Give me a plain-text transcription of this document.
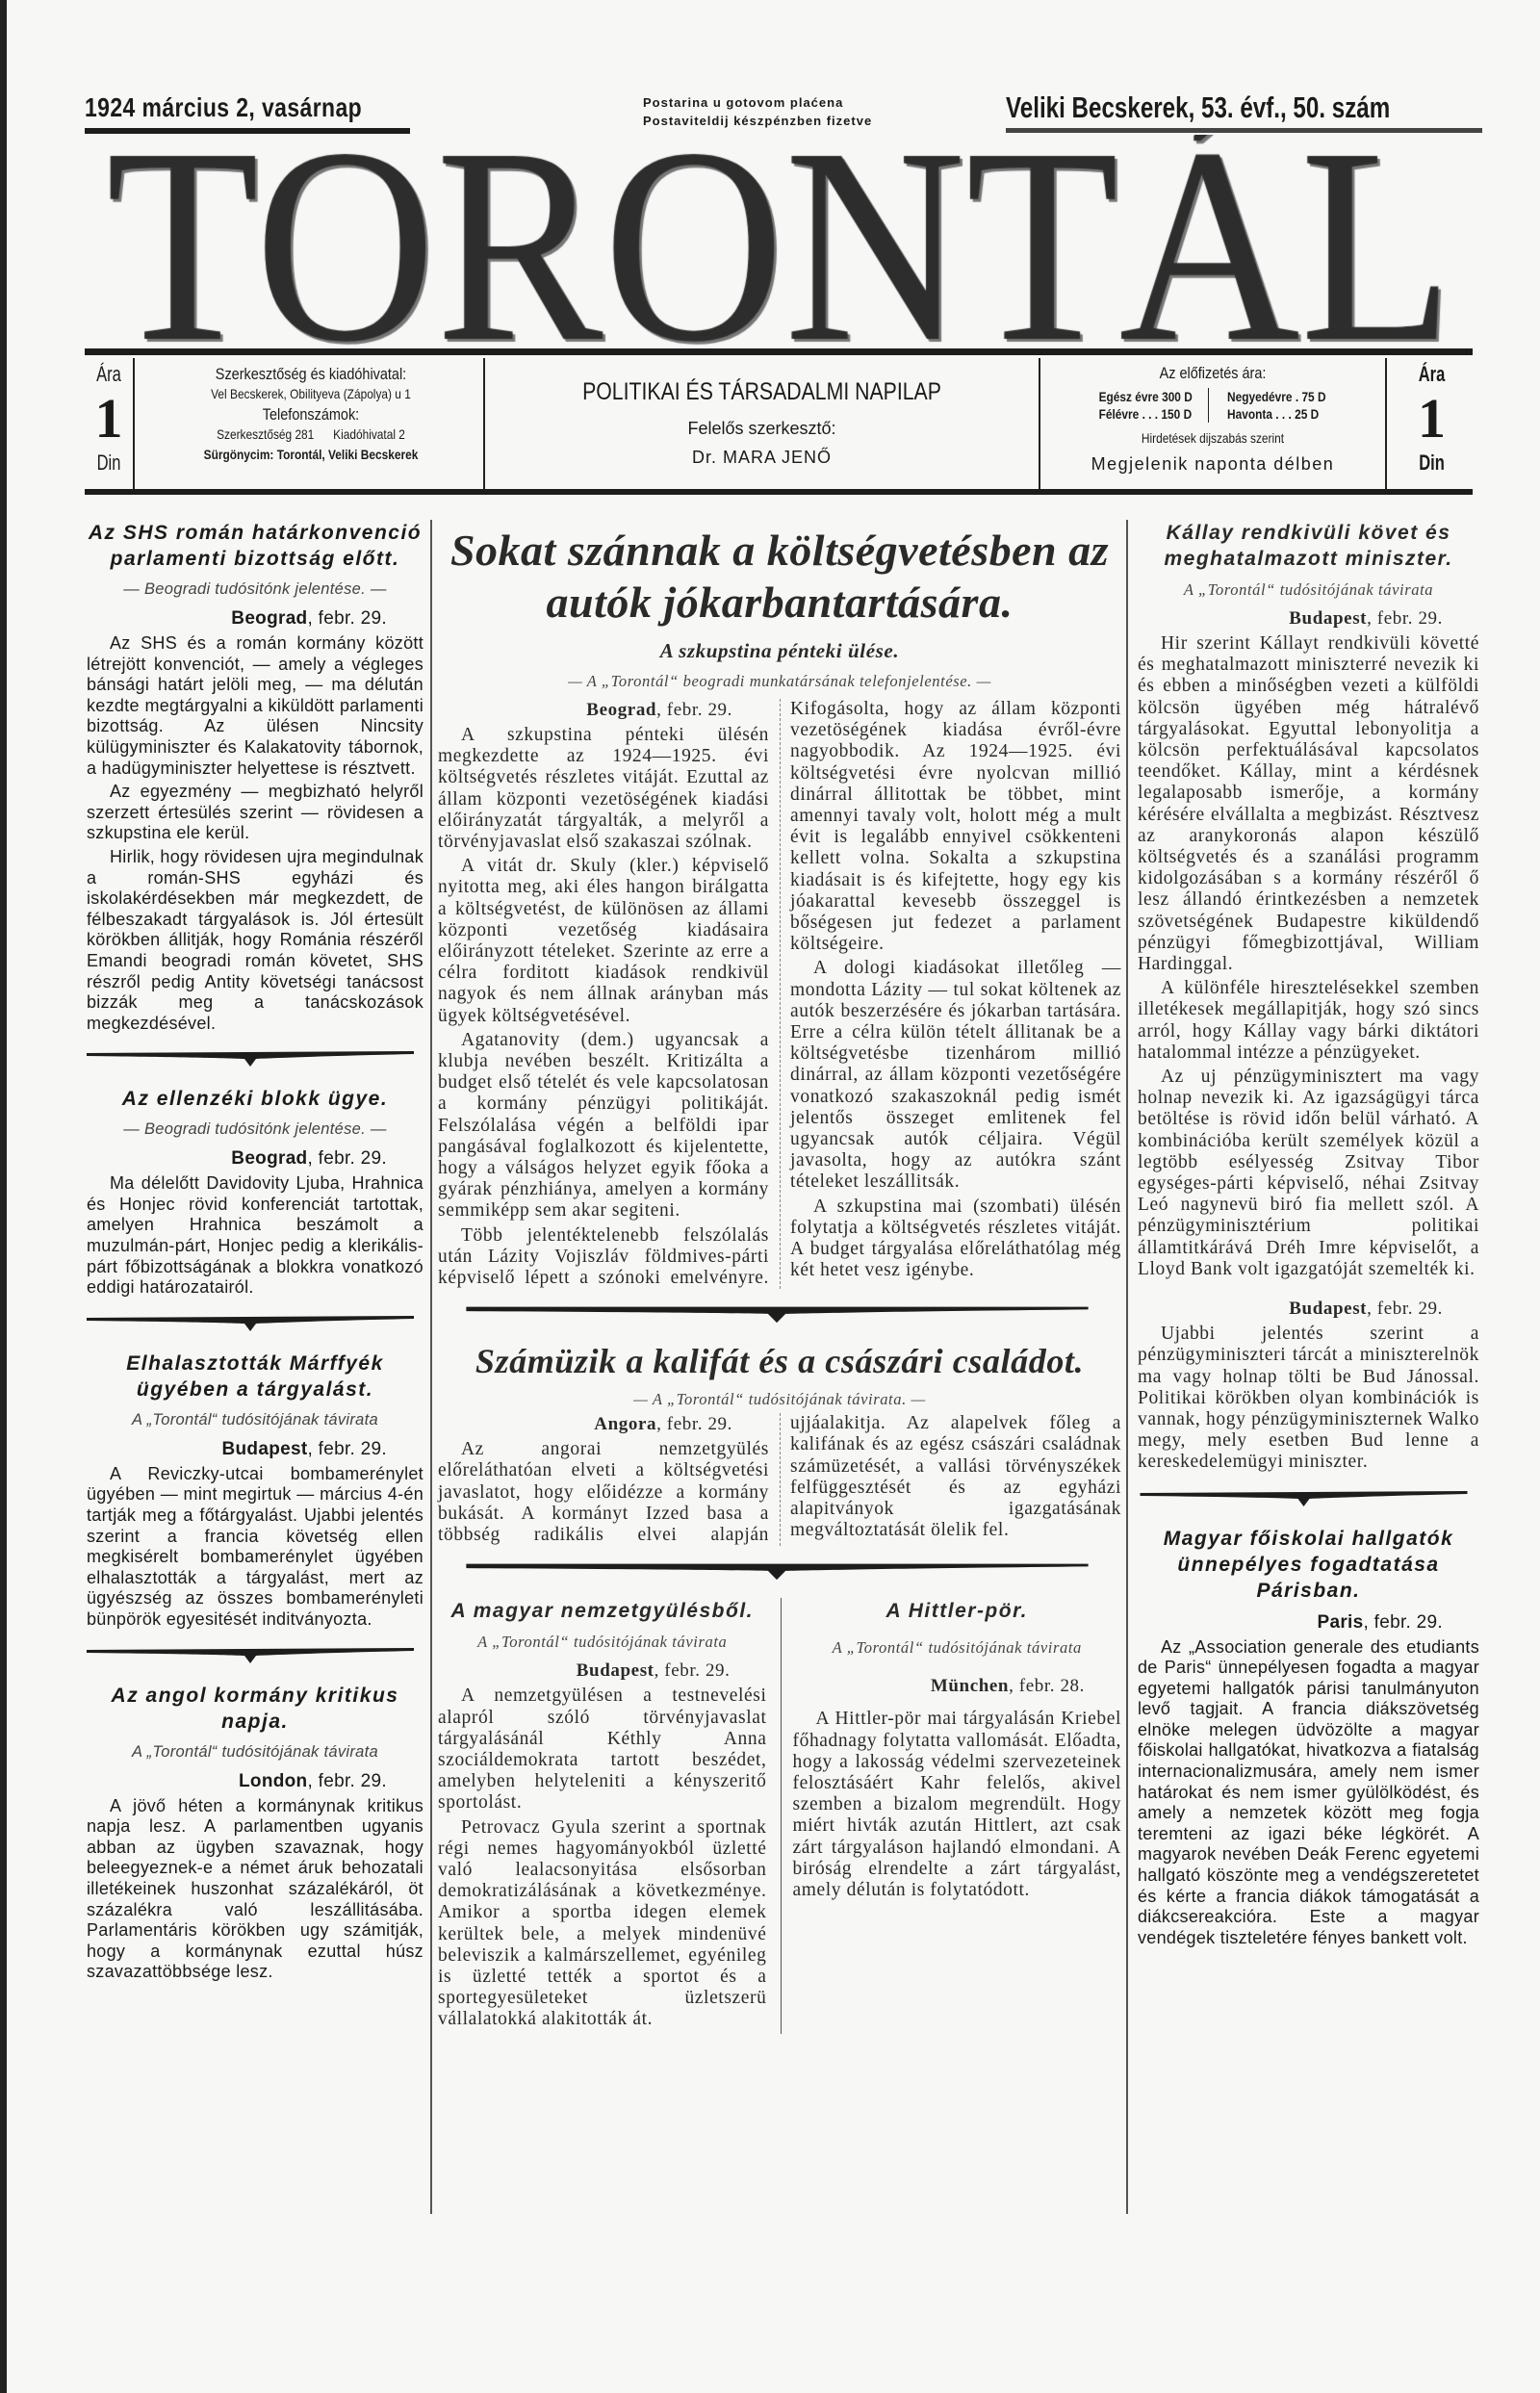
1924 március 2, vasárnap	Postarina u gotovom plaćena
Postaviteldij készpénzben fizetve	Veliki Becskerek, 53. évf., 50. szám
Ára
1
Din
Szerkesztőség és kiadóhivatal:
Vel Becskerek, Obilityeva (Zápolya) u 1
Telefonszámok:
Szerkesztőség 281 Kiadóhivatal 2
Sürgönycim: Torontál, Veliki Becskerek
POLITIKAI ÉS TÁRSADALMI NAPILAP
Felelős szerkesztő:
Dr. MARA JENŐ
Az előfizetés ára:
Egész évre 300 D
Félévre . . . 150 D
Negyedévre . 75 D
Havonta . . . 25 D
Hirdetések dijszabás szerint
Megjelenik naponta délben
Ára
1
Din
Az SHS román határkonvenció parlamenti bizottság előtt.
— Beogradi tudósitónk jelentése. —
Beograd, febr. 29.

Az SHS és a román kormány között létrejött konvenciót, — amely a végleges bánsági határt jelöli meg, — ma délután kezdte megtárgyalni a kiküldött parlamenti bizottság. Az ülésen Nincsity külügyminiszter és Kalakatovity tábornok, a hadügyminiszter helyettese is résztvett.

Az egyezmény — megbizható helyről szerzett értesülés szerint — rövidesen a szkupstina ele kerül.

Hirlik, hogy rövidesen ujra megindulnak a román-SHS egyházi és iskolakérdésekben már megkezdett, de félbeszakadt tárgyalások is. Jól értesült körökben állitják, hogy Románia részéről Emandi beogradi román követet, SHS részről pedig Antity követségi tanácsost bizzák meg a tanácskozások megkezdésével.

Az ellenzéki blokk ügye.
— Beogradi tudósitónk jelentése. —
Beograd, febr. 29.

Ma délelőtt Davidovity Ljuba, Hrahnica és Honjec rövid konferenciát tartottak, amelyen Hrahnica beszámolt a muzulmán-párt, Honjec pedig a klerikális-párt főbizottságának a blokkra vonatkozó eddigi határozatairól.

Elhalasztották Márffyék ügyében a tárgyalást.
A „Torontál“ tudósitójának távirata
Budapest, febr. 29.

A Reviczky-utcai bombamerénylet ügyében — mint megirtuk — március 4-én tartják meg a főtárgyalást. Ujabbi jelentés szerint a francia követség ellen megkisérelt bombamerénylet ügyében elhalasztották a tárgyalást, mert az ügyészség az összes bombamerényleti bünpörök egyesitését inditványozta.

Az angol kormány kritikus napja.
A „Torontál“ tudósitójának távirata
London, febr. 29.

A jövő héten a kormánynak kritikus napja lesz. A parlamentben ugyanis abban az ügyben szavaznak, hogy beleegyeznek-e a német áruk behozatali illetékeinek huszonhat százalékáról, öt százalékra való leszállitásába. Parlamentáris körökben ugy számitják, hogy a kormánynak ezuttal húsz szavazattöbbsége lesz.

Sokat szánnak a költségvetésben az autók jókarbantartására.
A szkupstina pénteki ülése.
— A „Torontál“ beogradi munkatársának telefonjelentése. —
Beograd, febr. 29.

A szkupstina pénteki ülésén megkezdette az 1924—1925. évi költségvetés részletes vitáját. Ezuttal az állam központi vezetöségének kiadási előirányzatát tárgyalták, a melyről a törvényjavaslat első szakaszai szólnak.

A vitát dr. Skuly (kler.) képviselő nyitotta meg, aki éles hangon birálgatta a költségvetést, de különösen az állami központi vezetőség kiadásaira előirányzott tételeket. Szerinte az erre a célra forditott kiadások rendkivül nagyok és nem állnak arányban más ügyek költségvetésével.

Agatanovity (dem.) ugyancsak a klubja nevében beszélt. Kritizálta a budget első tételét és vele kapcsolatosan a kormány pénzügyi politikáját. Felszólalása végén a belföldi ipar pangásával foglalkozott és kijelentette, hogy a válságos helyzet egyik főoka a gyárak pénzhiánya, amelyen a kormány semmiképp sem akar segiteni.

Több jelentéktelenebb felszólalás után Lázity Vojiszláv földmives-párti képviselő lépett a szónoki emelvényre. Kifogásolta, hogy az állam központi vezetöségének kiadása évről-évre nagyobbodik. Az 1924—1925. évi költségvetési évre nyolcvan millió dinárral állitottak be többet, mint amennyi tavaly volt, holott még a mult évit is legalább ennyivel csökkenteni kellett volna. Sokalta a szkupstina kiadásait is és kifejtette, hogy egy kis jóakarattal kevesebb összeggel is bőségesen jut fedezet a parlament költségeire.

A dologi kiadásokat illetőleg — mondotta Lázity — tul sokat költenek az autók beszerzésére és jókarban tartására. Erre a célra külön tételt állitanak be a költségvetésbe tizenhárom millió dinárral, az állam központi vezetőségére vonatkozó szakaszoknál pedig ismét jelentős összeget emlitenek fel ugyancsak autók céljaira. Végül javasolta, hogy az autókra szánt tételeket leszállitsák.

A szkupstina mai (szombati) ülésén folytatja a költségvetés részletes vitáját. A budget tárgyalása előreláthatólag még két hetet vesz igénybe.

Számüzik a kalifát és a császári családot.
— A „Torontál“ tudósitójának távirata. —
Angora, febr. 29.

Az angorai nemzetgyülés előreláthatóan elveti a költségvetési javaslatot, hogy előidézze a kormány bukását. A kormányt Izzed basa a többség radikális elvei alapján ujjáalakitja. Az alapelvek főleg a kalifának és az egész császári családnak számüzetését, a vallási törvényszékek felfüggesztését és az egyházi alapitványok igazgatásának megváltoztatását ölelik fel.

A magyar nemzetgyülésből.
A „Torontál“ tudósitójának távirata
Budapest, febr. 29.

A nemzetgyülésen a testnevelési alapról szóló törvényjavaslat tárgyalásánál Kéthly Anna szociáldemokrata tartott beszédet, amelyben helyteleniti a kényszeritő sportolást.

Petrovacz Gyula szerint a sportnak régi nemes hagyományokból üzletté való lealacsonyitása elsősorban demokratizálásának a következménye. Amikor a sportba idegen elemek kerültek bele, a melyek mindenüvé beleviszik a kalmárszellemet, egyénileg is üzletté tették a sportot és a sportegyesületeket üzletszerü vállalatokká alakitották át.

A Hittler-pör.
A „Torontál“ tudósitójának távirata
München, febr. 28.

A Hittler-pör mai tárgyalásán Kriebel főhadnagy folytatta vallomását. Előadta, hogy a lakosság védelmi szervezeteinek felosztásáért Kahr felelős, akivel szemben a bizalom megrendült. Hogy miért hivták azután Hittlert, azt csak zárt tárgyaláson hajlandó elmondani. A biróság elrendelte a zárt tárgyalást, amely délután is folytatódott.

Kállay rendkivüli követ és meghatalmazott miniszter.
A „Torontál“ tudósitójának távirata
Budapest, febr. 29.

Hir szerint Kállayt rendkivüli követté és meghatalmazott miniszterré nevezik ki és ebben a minőségben vezeti a külföldi kölcsön ügyében még hátralévő tárgyalásokat. Egyuttal lebonyolitja a kölcsön perfektuálásával kapcsolatos teendőket. Kállay, mint a kérdésnek legalaposabb ismerője, a kormány kérésére elvállalta a megbizást. Résztvesz az aranykoronás alapon készülő költségvetés és a szanálási programm kidolgozásában s a kormány részéről ő lesz állandó érintkezésben a nemzetek szövetségének Budapestre kiküldendő pénzügyi főmegbizottjával, William Hardinggal.

A különféle hiresztelésekkel szemben illetékesek megállapitják, hogy szó sincs arról, hogy Kállay vagy bárki diktátori hatalommal intézze a pénzügyeket.

Az uj pénzügyminisztert ma vagy holnap nevezik ki. Az igazságügyi tárca betöltése is rövid időn belül várható. A kombinációba került személyek közül a legtöbb esélyesség Zsitvay Tibor egységes-párti képviselő, néhai Zsitvay Leó nagynevü biró fia mellett szól. A pénzügyminisztérium politikai államtitkárává Dréh Imre képviselőt, a Lloyd Bank volt igazgatóját szemelték ki.

Budapest, febr. 29.

Ujabbi jelentés szerint a pénzügyminiszteri tárcát a miniszterelnök ma vagy holnap tölti be Bud Jánossal. Politikai körökben olyan kombinációk is vannak, hogy pénzügyminiszternek Walko megy, mely esetben Bud lenne a kereskedelemügyi miniszter.

Magyar főiskolai hallgatók ünnepélyes fogadtatása Párisban.
Paris, febr. 29.

Az „Association generale des etudiants de Paris“ ünnepélyesen fogadta a magyar egyetemi hallgatók párisi tanulmányuton levő tagjait. A francia diákszövetség elnöke melegen üdvözölte a magyar főiskolai hallgatókat, hivatkozva a fiatalság internacionalizmusára, amely nem ismer határokat és nem ismer gyülölködést, és amely a nemzetek között meg fogja teremteni az igazi béke légkörét. A magyarok nevében Deák Ferenc egyetemi hallgató köszönte meg a vendégszeretetet és kérte a francia diákok támogatását a diákcsereakcióra. Este a magyar vendégek tiszteletére fényes bankett volt.
